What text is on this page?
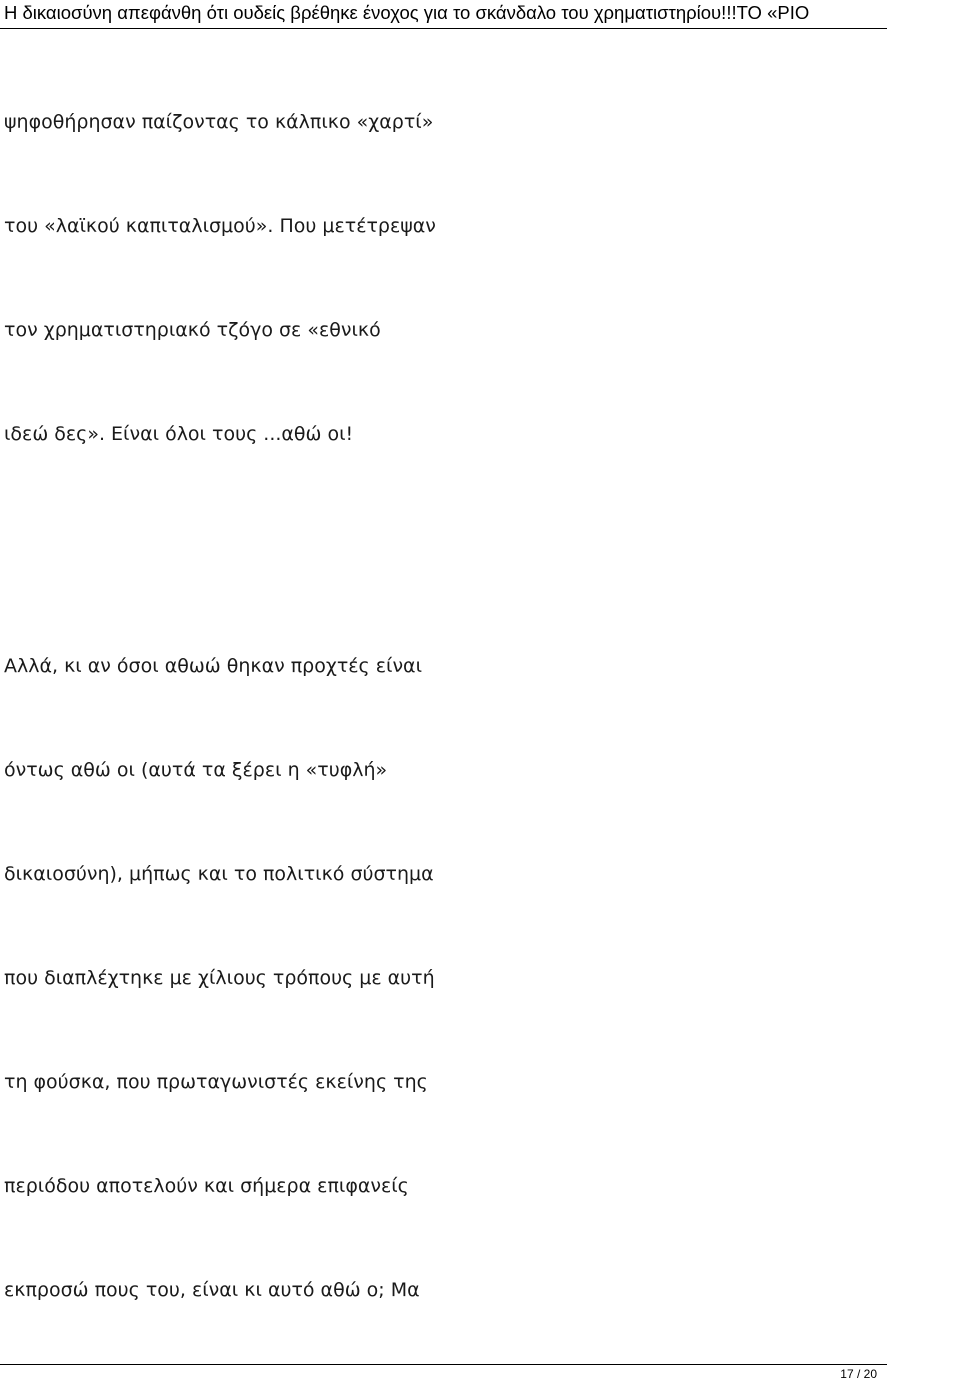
Η δικαιοσύνη απεφάνθη ότι ουδείς βρέθηκε ένοχος για το σκάνδαλο του χρηματιστηρίου!!!ΤΟ «ΡΙΟ
ψηφοθήρησαν παίζοντας το κάλπικο «χαρτί»
του «λαϊκού καπιταλισμού». Που μετέτρεψαν
τον χρηματιστηριακό τζόγο σε «εθνικό
ιδεώ δες». Είναι όλοι τους ...αθώ οι!
Αλλά, κι αν όσοι αθωώ θηκαν προχτές είναι
όντως αθώ οι (αυτά τα ξέρει η «τυφλή»
δικαιοσύνη), μήπως και το πολιτικό σύστημα
που διαπλέχτηκε με χίλιους τρόπους με αυτή
τη φούσκα, που πρωταγωνιστές εκείνης της
περιόδου αποτελούν και σήμερα επιφανείς
εκπροσώ πους του, είναι κι αυτό αθώ ο; Μα
17 / 20
